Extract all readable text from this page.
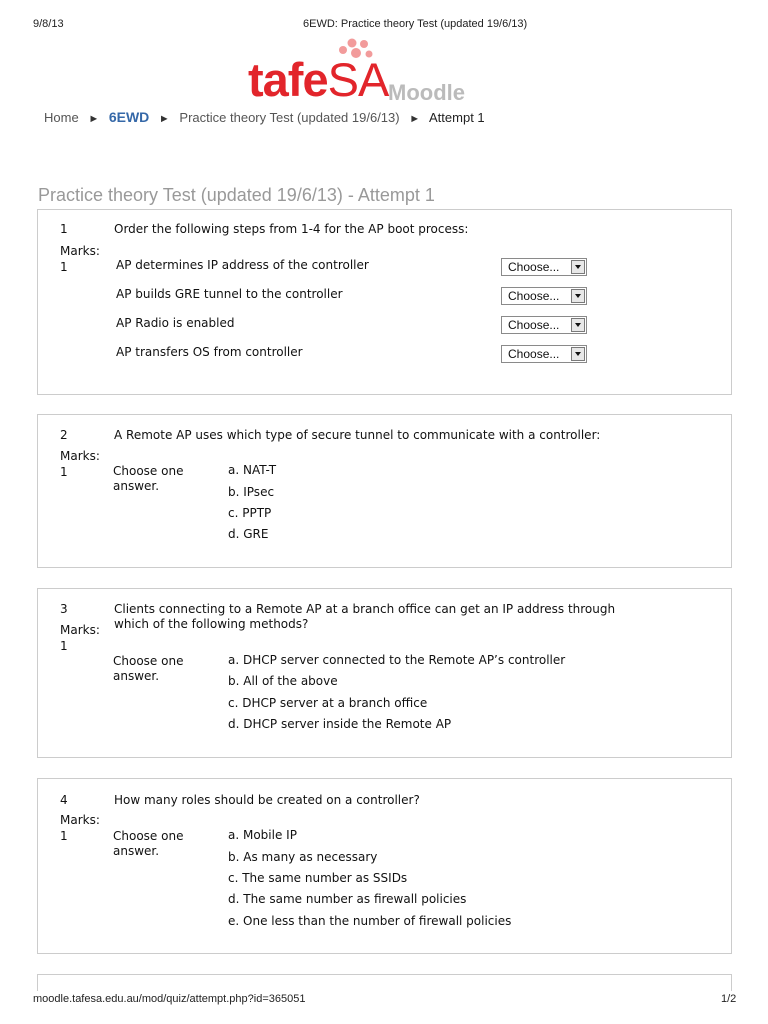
9/8/13	6EWD: Practice theory Test (updated 19/6/13)
tafeSA Moodle
Home ► 6EWD ► Practice theory Test (updated 19/6/13) ► Attempt 1
Practice theory Test (updated 19/6/13) - Attempt 1
1	Order the following steps from 1-4 for the AP boot process:
Marks:
1	AP determines IP address of the controller	Choose...
AP builds GRE tunnel to the controller	Choose...
AP Radio is enabled	Choose...
AP transfers OS from controller	Choose...
2	A Remote AP uses which type of secure tunnel to communicate with a controller:
Marks:
1	Choose one answer.
a. NAT-T
b. IPsec
c. PPTP
d. GRE
3	Clients connecting to a Remote AP at a branch office can get an IP address through
which of the following methods?
Marks:
1
Choose one answer.
a. DHCP server connected to the Remote AP’s controller
b. All of the above
c. DHCP server at a branch office
d. DHCP server inside the Remote AP
4	How many roles should be created on a controller?
Marks:
1	Choose one answer.
a. Mobile IP
b. As many as necessary
c. The same number as SSIDs
d. The same number as firewall policies
e. One less than the number of firewall policies
moodle.tafesa.edu.au/mod/quiz/attempt.php?id=365051	1/2
